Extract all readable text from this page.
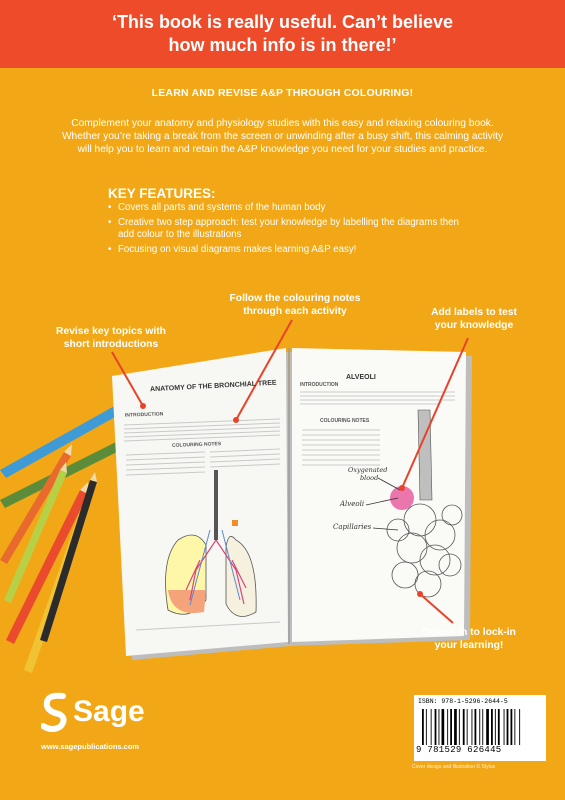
‘This book is really useful. Can’t believe
how much info is in there!’
LEARN AND REVISE A&P THROUGH COLOURING!
Complement your anatomy and physiology studies with this easy and relaxing colouring book. Whether you’re taking a break from the screen or unwinding after a busy shift, this calming activity will help you to learn and retain the A&P knowledge you need for your studies and practice.
KEY FEATURES:
• Covers all parts and systems of the human body
• Creative two step approach: test your knowledge by labelling the diagrams then add colour to the illustrations
• Focusing on visual diagrams makes learning A&P easy!
ANATOMY OF THE BRONCHIAL TREE
INTRODUCTION
COLOURING NOTES
ALVEOLI
INTRODUCTION
COLOURING NOTES
Oxygenated
blood
Alveoli
Capillaries
Follow the colouring notes
through each activity
Revise key topics with
short introductions
Add labels to test
your knowledge
Colour in to lock-in
your learning!
Sage
www.sagepublications.com
ISBN: 978-1-5296-2644-5
9 781529 626445
Cover design and illustration © Stylus
